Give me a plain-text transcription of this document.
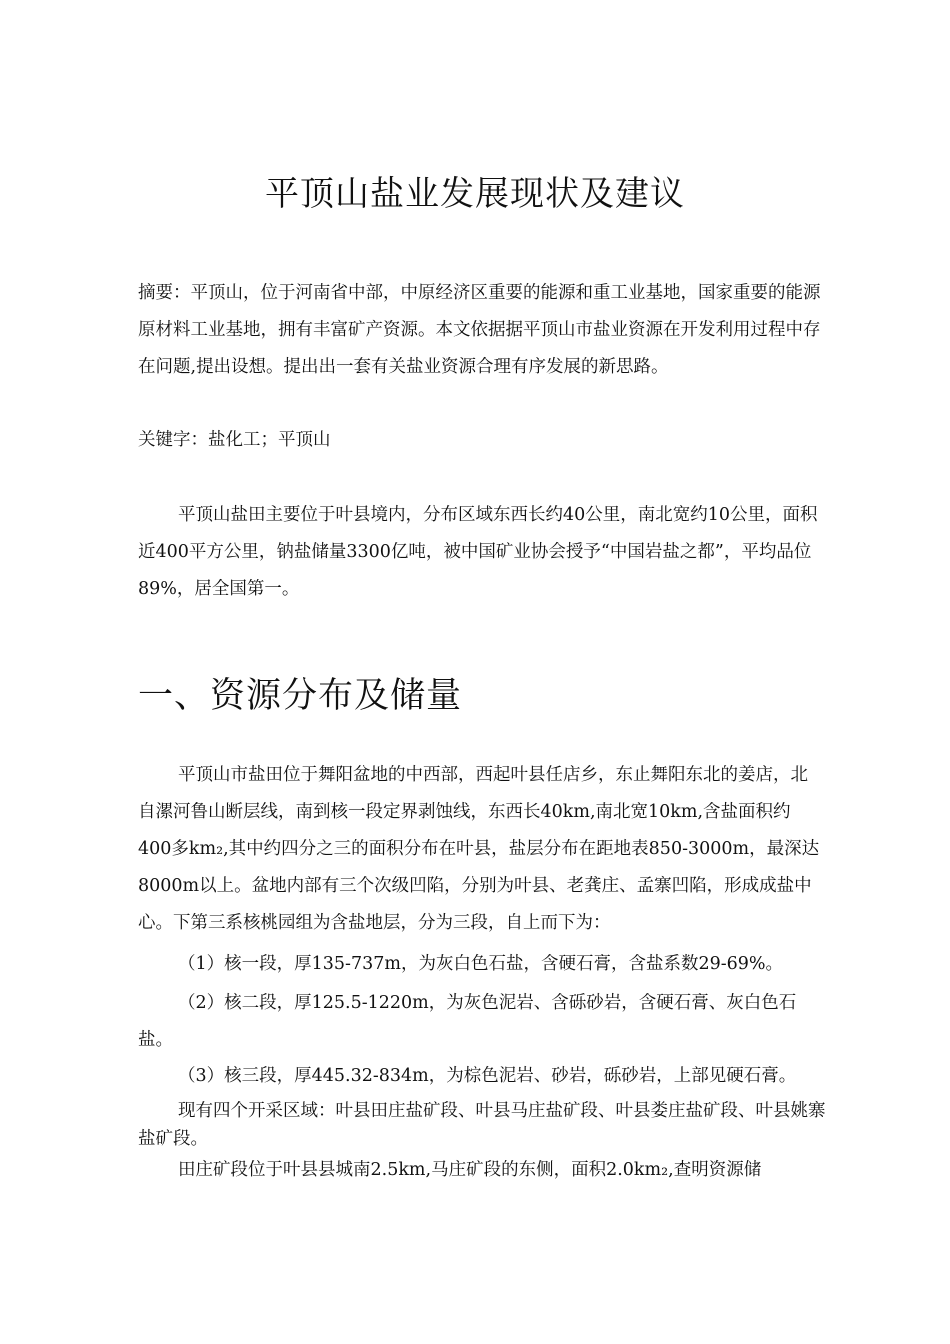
平顶山盐业发展现状及建议

摘要：平顶山，位于河南省中部，中原经济区重要的能源和重工业基地，国家重要的能源原材料工业基地，拥有丰富矿产资源。本文依据据平顶山市盐业资源在开发利用过程中存在问题,提出设想。提出出一套有关盐业资源合理有序发展的新思路。

关键字：盐化工；平顶山

平顶山盐田主要位于叶县境内，分布区域东西长约40公里，南北宽约10公里，面积近400平方公里，钠盐储量3300亿吨，被中国矿业协会授予“中国岩盐之都”，平均品位89%，居全国第一。

一、资源分布及储量

平顶山市盐田位于舞阳盆地的中西部，西起叶县任店乡，东止舞阳东北的姜店，北自漯河鲁山断层线，南到核一段定界剥蚀线，东西长40km,南北宽10km,含盐面积约400多km₂,其中约四分之三的面积分布在叶县，盐层分布在距地表850-3000m，最深达8000m以上。盆地内部有三个次级凹陷，分别为叶县、老龚庄、孟寨凹陷，形成成盐中心。下第三系核桃园组为含盐地层，分为三段，自上而下为：

（1）核一段，厚135-737m，为灰白色石盐，含硬石膏，含盐系数29-69%。

（2）核二段，厚125.5-1220m，为灰色泥岩、含砾砂岩，含硬石膏、灰白色石盐。

（3）核三段，厚445.32-834m，为棕色泥岩、砂岩，砾砂岩，上部见硬石膏。

现有四个开采区域：叶县田庄盐矿段、叶县马庄盐矿段、叶县娄庄盐矿段、叶县姚寨盐矿段。

田庄矿段位于叶县县城南2.5km,马庄矿段的东侧，面积2.0km₂,查明资源储
